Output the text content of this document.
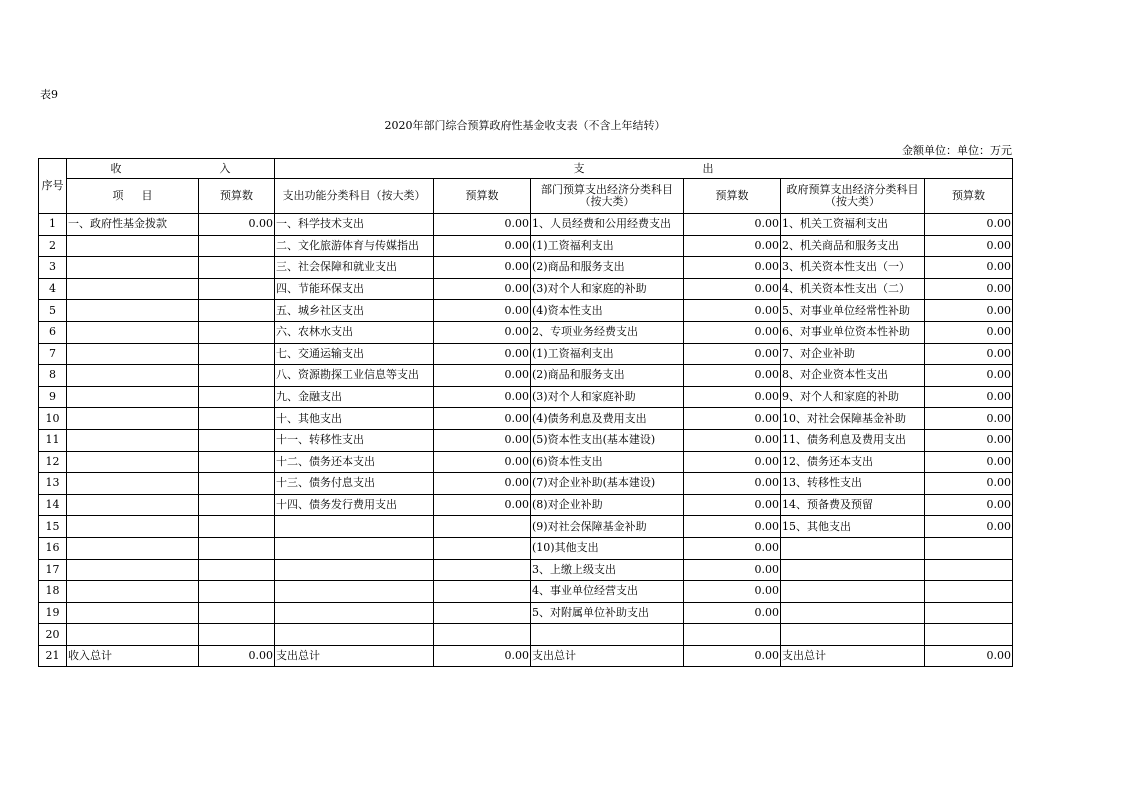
表9
2020年部门综合预算政府性基金收支表（不含上年结转）
金额单位：单位：万元
序号	收　　入		支　　出					
	项　目	预算数	支出功能分类科目（按大类）	预算数	部门预算支出经济分类科目（按大类）	预算数	政府预算支出经济分类科目（按大类）	预算数
1	一、政府性基金拨款	0.00	一、科学技术支出	0.00	1、人员经费和公用经费支出	0.00	1、机关工资福利支出	0.00
2			二、文化旅游体育与传媒指出	0.00	(1)工资福利支出	0.00	2、机关商品和服务支出	0.00
3			三、社会保障和就业支出	0.00	(2)商品和服务支出	0.00	3、机关资本性支出（一）	0.00
4			四、节能环保支出	0.00	(3)对个人和家庭的补助	0.00	4、机关资本性支出（二）	0.00
5			五、城乡社区支出	0.00	(4)资本性支出	0.00	5、对事业单位经常性补助	0.00
6			六、农林水支出	0.00	2、专项业务经费支出	0.00	6、对事业单位资本性补助	0.00
7			七、交通运输支出	0.00	(1)工资福利支出	0.00	7、对企业补助	0.00
8			八、资源勘探工业信息等支出	0.00	(2)商品和服务支出	0.00	8、对企业资本性支出	0.00
9			九、金融支出	0.00	(3)对个人和家庭补助	0.00	9、对个人和家庭的补助	0.00
10			十、其他支出	0.00	(4)债务利息及费用支出	0.00	10、对社会保障基金补助	0.00
11			十一、转移性支出	0.00	(5)资本性支出(基本建设)	0.00	11、债务利息及费用支出	0.00
12			十二、债务还本支出	0.00	(6)资本性支出	0.00	12、债务还本支出	0.00
13			十三、债务付息支出	0.00	(7)对企业补助(基本建设)	0.00	13、转移性支出	0.00
14			十四、债务发行费用支出	0.00	(8)对企业补助	0.00	14、预备费及预留	0.00
15					(9)对社会保障基金补助	0.00	15、其他支出	0.00
16					(10)其他支出	0.00		
17					3、上缴上级支出	0.00		
18					4、事业单位经营支出	0.00		
19					5、对附属单位补助支出	0.00		
20								
21	收入总计	0.00	支出总计	0.00	支出总计	0.00	支出总计	0.00
